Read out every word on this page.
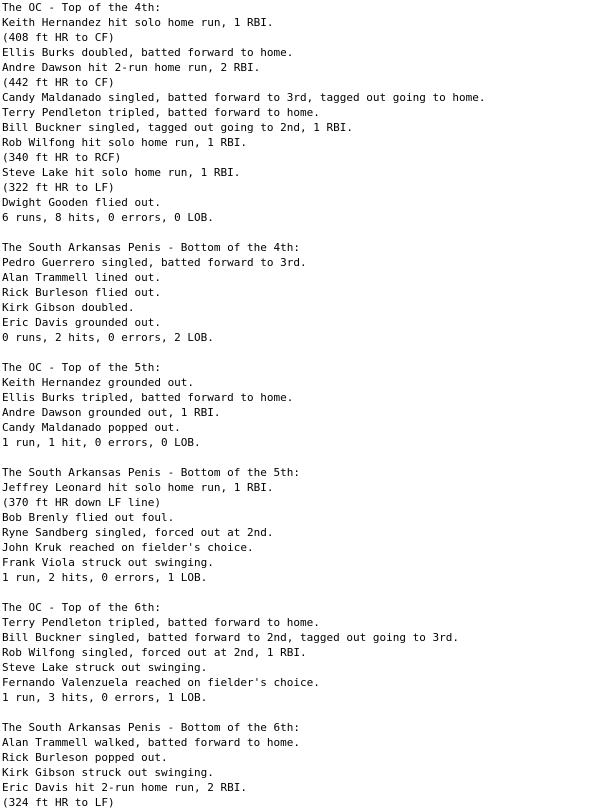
The OC - Top of the 4th:
Keith Hernandez hit solo home run, 1 RBI.
(408 ft HR to CF)
Ellis Burks doubled, batted forward to home.
Andre Dawson hit 2-run home run, 2 RBI.
(442 ft HR to CF)
Candy Maldanado singled, batted forward to 3rd, tagged out going to home.
Terry Pendleton tripled, batted forward to home.
Bill Buckner singled, tagged out going to 2nd, 1 RBI.
Rob Wilfong hit solo home run, 1 RBI.
(340 ft HR to RCF)
Steve Lake hit solo home run, 1 RBI.
(322 ft HR to LF)
Dwight Gooden flied out.
6 runs, 8 hits, 0 errors, 0 LOB.
The South Arkansas Penis - Bottom of the 4th:
Pedro Guerrero singled, batted forward to 3rd.
Alan Trammell lined out.
Rick Burleson flied out.
Kirk Gibson doubled.
Eric Davis grounded out.
0 runs, 2 hits, 0 errors, 2 LOB.
The OC - Top of the 5th:
Keith Hernandez grounded out.
Ellis Burks tripled, batted forward to home.
Andre Dawson grounded out, 1 RBI.
Candy Maldanado popped out.
1 run, 1 hit, 0 errors, 0 LOB.
The South Arkansas Penis - Bottom of the 5th:
Jeffrey Leonard hit solo home run, 1 RBI.
(370 ft HR down LF line)
Bob Brenly flied out foul.
Ryne Sandberg singled, forced out at 2nd.
John Kruk reached on fielder's choice.
Frank Viola struck out swinging.
1 run, 2 hits, 0 errors, 1 LOB.
The OC - Top of the 6th:
Terry Pendleton tripled, batted forward to home.
Bill Buckner singled, batted forward to 2nd, tagged out going to 3rd.
Rob Wilfong singled, forced out at 2nd, 1 RBI.
Steve Lake struck out swinging.
Fernando Valenzuela reached on fielder's choice.
1 run, 3 hits, 0 errors, 1 LOB.
The South Arkansas Penis - Bottom of the 6th:
Alan Trammell walked, batted forward to home.
Rick Burleson popped out.
Kirk Gibson struck out swinging.
Eric Davis hit 2-run home run, 2 RBI.
(324 ft HR to LF)
